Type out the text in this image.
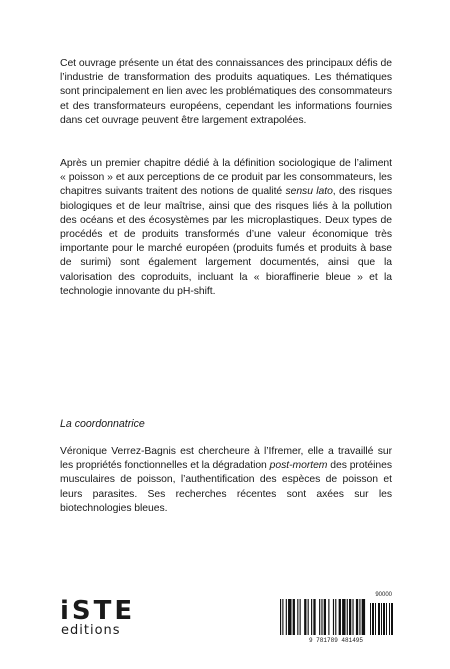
Cet ouvrage présente un état des connaissances des principaux défis de l’industrie de transformation des produits aquatiques. Les thématiques sont principalement en lien avec les problématiques des consommateurs et des transformateurs européens, cependant les informations fournies dans cet ouvrage peuvent être largement extrapolées.

Après un premier chapitre dédié à la définition sociologique de l’aliment « poisson » et aux perceptions de ce produit par les consommateurs, les chapitres suivants traitent des notions de qualité sensu lato, des risques biologiques et de leur maîtrise, ainsi que des risques liés à la pollution des océans et des écosystèmes par les microplastiques. Deux types de procédés et de produits transformés d’une valeur économique très importante pour le marché européen (produits fumés et produits à base de surimi) sont également largement documentés, ainsi que la valorisation des coproduits, incluant la « bioraffinerie bleue » et la technologie innovante du pH-shift.

La coordonnatrice

Véronique Verrez-Bagnis est chercheure à l’Ifremer, elle a travaillé sur les propriétés fonctionnelles et la dégradation post-mortem des protéines musculaires de poisson, l’authentification des espèces de poisson et leurs parasites. Ses recherches récentes sont axées sur les biotechnologies bleues.

i S T E
editions
90000
9 781789 481495
